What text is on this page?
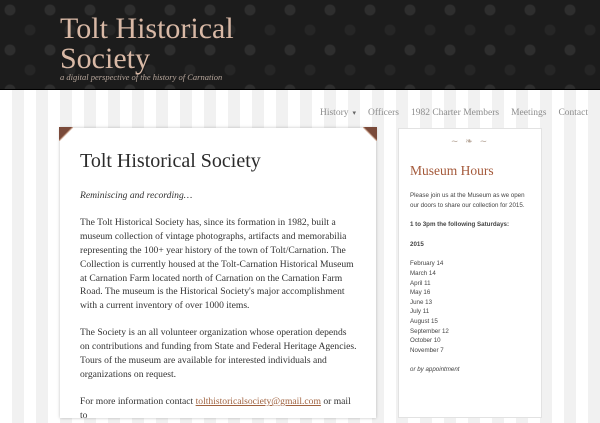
Tolt Historical Society
a digital perspective of the history of Carnation
History ▾	Officers	1982 Charter Members	Meetings	Contact
Tolt Historical Society

Reminiscing and recording…

The Tolt Historical Society has, since its formation in 1982, built a museum collection of vintage photographs, artifacts and memorabilia representing the 100+ year history of the town of Tolt/Carnation. The Collection is currently housed at the Tolt-Carnation Historical Museum at Carnation Farm located north of Carnation on the Carnation Farm Road. The museum is the Historical Society's major accomplishment with a current inventory of over 1000 items.

The Society is an all volunteer organization whose operation depends on contributions and funding from State and Federal Heritage Agencies. Tours of the museum are available for interested individuals and organizations on request.

For more information contact tolthistoricalsociety@gmail.com or mail to

~ ❧ ~
Museum Hours

Please join us at the Museum as we open our doors to share our collection for 2015.

1 to 3pm the following Saturdays:

2015

February 14
March 14
April 11
May 16
June 13
July 11
August 15
September 12
October 10
November 7

or by appointment
